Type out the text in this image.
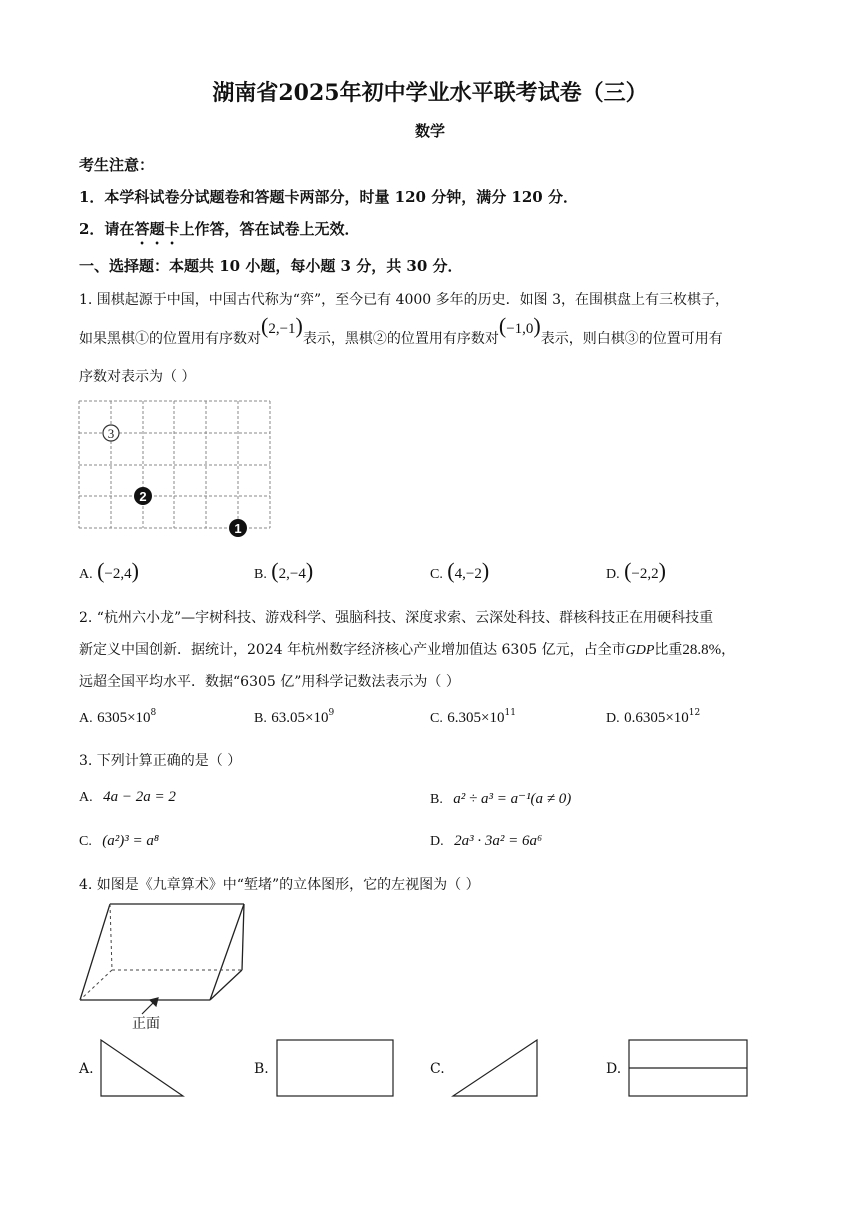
湖南省2025年初中学业水平联考试卷（三）
数学
考生注意：
1．本学科试卷分试题卷和答题卡两部分，时量 120 分钟，满分 120 分．
2．请在答题卡上作答，答在试卷上无效．
一、选择题：本题共 10 小题，每小题 3 分，共 30 分．
1. 围棋起源于中国，中国古代称为“弈”，至今已有 4000 多年的历史．如图 3，在围棋盘上有三枚棋子，
如果黑棋①的位置用有序数对(2,−1)表示，黑棋②的位置用有序数对(−1,0)表示，则白棋③的位置可用有
序数对表示为（ ）
3
2
1
A. (−2,4)	B. (2,−4)	C. (4,−2)	D. (−2,2)
2. “杭州六小龙”—宇树科技、游戏科学、强脑科技、深度求索、云深处科技、群核科技正在用硬科技重
新定义中国创新．据统计，2024 年杭州数字经济核心产业增加值达 6305 亿元，占全市GDP比重28.8%，
远超全国平均水平．数据“6305 亿”用科学记数法表示为（ ）
A. $6305\times 10^8$	B. $63.05\times 10^9$	C. $6.305\times 10^{11}$	D. $0.6305\times 10^{12}$
3. 下列计算正确的是（ ）
A. 4a − 2a = 2	B. a² ÷ a³ = a⁻¹(a ≠ 0)
C. (a²)³ = a⁸	D. 2a³ · 3a² = 6a⁶
4. 如图是《九章算术》中“堑堵”的立体图形，它的左视图为（ ）
正面
A.	B.	C.	D.
